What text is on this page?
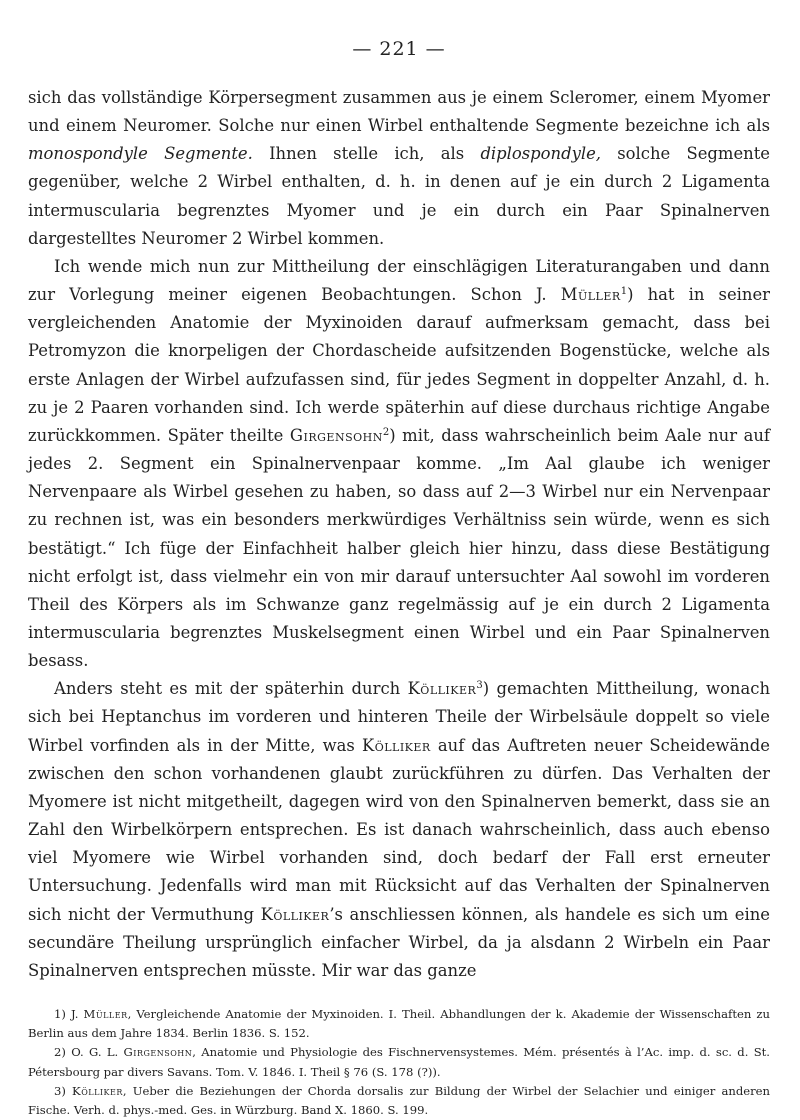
— 221 —

sich das vollständige Körpersegment zusammen aus je einem Scleromer, einem Myomer und einem Neuromer. Solche nur einen Wirbel enthaltende Segmente bezeichne ich als monospondyle Segmente. Ihnen stelle ich, als diplospondyle, solche Segmente gegenüber, welche 2 Wirbel enthalten, d. h. in denen auf je ein durch 2 Ligamenta intermuscularia begrenztes Myomer und je ein durch ein Paar Spinalnerven dargestelltes Neuromer 2 Wirbel kommen.

Ich wende mich nun zur Mittheilung der einschlägigen Literaturangaben und dann zur Vorlegung meiner eigenen Beobachtungen. Schon J. Müller$^1$) hat in seiner vergleichenden Anatomie der Myxinoiden darauf aufmerksam gemacht, dass bei Petromyzon die knorpeligen der Chordascheide aufsitzenden Bogenstücke, welche als erste Anlagen der Wirbel aufzufassen sind, für jedes Segment in doppelter Anzahl, d. h. zu je 2 Paaren vorhanden sind. Ich werde späterhin auf diese durchaus richtige Angabe zurückkommen. Später theilte Girgensohn$^2$) mit, dass wahrscheinlich beim Aale nur auf jedes 2. Segment ein Spinalnervenpaar komme. „Im Aal glaube ich weniger Nervenpaare als Wirbel gesehen zu haben, so dass auf 2—3 Wirbel nur ein Nervenpaar zu rechnen ist, was ein besonders merkwürdiges Verhältniss sein würde, wenn es sich bestätigt.“ Ich füge der Einfachheit halber gleich hier hinzu, dass diese Bestätigung nicht erfolgt ist, dass vielmehr ein von mir darauf untersuchter Aal sowohl im vorderen Theil des Körpers als im Schwanze ganz regelmässig auf je ein durch 2 Ligamenta intermuscularia begrenztes Muskelsegment einen Wirbel und ein Paar Spinalnerven besass.

Anders steht es mit der späterhin durch Kölliker$^3$) gemachten Mittheilung, wonach sich bei Heptanchus im vorderen und hinteren Theile der Wirbelsäule doppelt so viele Wirbel vorfinden als in der Mitte, was Kölliker auf das Auftreten neuer Scheidewände zwischen den schon vorhandenen glaubt zurückführen zu dürfen. Das Verhalten der Myomere ist nicht mitgetheilt, dagegen wird von den Spinalnerven bemerkt, dass sie an Zahl den Wirbelkörpern entsprechen. Es ist danach wahrscheinlich, dass auch ebenso viel Myomere wie Wirbel vorhanden sind, doch bedarf der Fall erst erneuter Untersuchung. Jedenfalls wird man mit Rücksicht auf das Verhalten der Spinalnerven sich nicht der Vermuthung Kölliker’s anschliessen können, als handele es sich um eine secundäre Theilung ursprünglich einfacher Wirbel, da ja alsdann 2 Wirbeln ein Paar Spinalnerven entsprechen müsste. Mir war das ganze

1) J. Müller, Vergleichende Anatomie der Myxinoiden. I. Theil. Abhandlungen der k. Akademie der Wissenschaften zu Berlin aus dem Jahre 1834. Berlin 1836. S. 152.

2) O. G. L. Girgensohn, Anatomie und Physiologie des Fischnervensystemes. Mém. présentés à l’Ac. imp. d. sc. d. St. Pétersbourg par divers Savans. Tom. V. 1846. I. Theil § 76 (S. 178 (?)).

3) Kölliker, Ueber die Beziehungen der Chorda dorsalis zur Bildung der Wirbel der Selachier und einiger anderen Fische. Verh. d. phys.-med. Ges. in Würzburg. Band X. 1860. S. 199.
